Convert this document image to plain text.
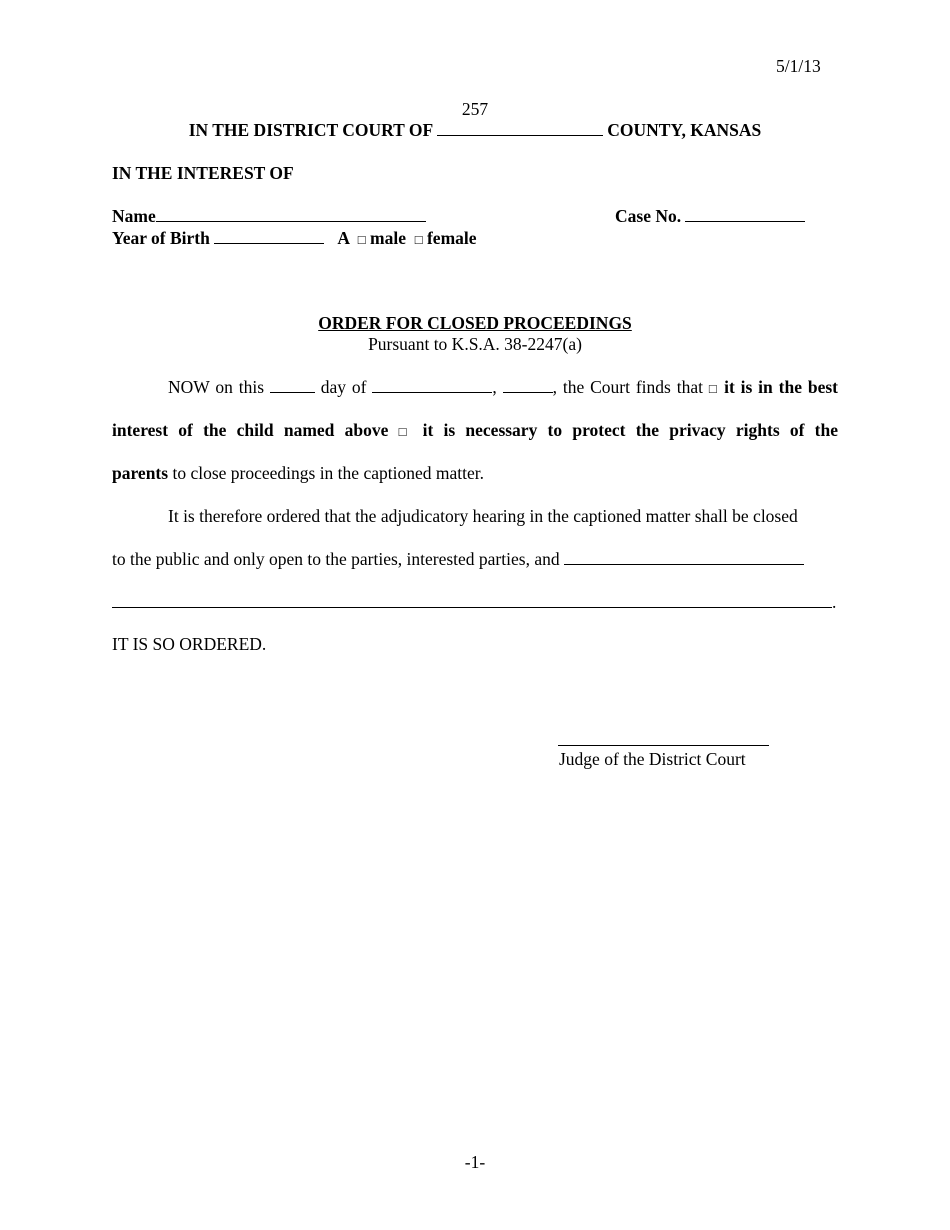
5/1/13
257
IN THE DISTRICT COURT OF	COUNTY, KANSAS
IN THE INTEREST OF
Name	Case No.
Year of Birth	A □ male □ female
ORDER FOR CLOSED PROCEEDINGS
Pursuant to K.S.A. 38-2247(a)
NOW on this	day of	,	, the Court finds that □ it is in the best
interest of the child named above □ it is necessary to protect the privacy rights of the
parents to close proceedings in the captioned matter.
It is therefore ordered that the adjudicatory hearing in the captioned matter shall be closed
to the public and only open to the parties, interested parties, and
.
IT IS SO ORDERED.
Judge of the District Court
-1-
